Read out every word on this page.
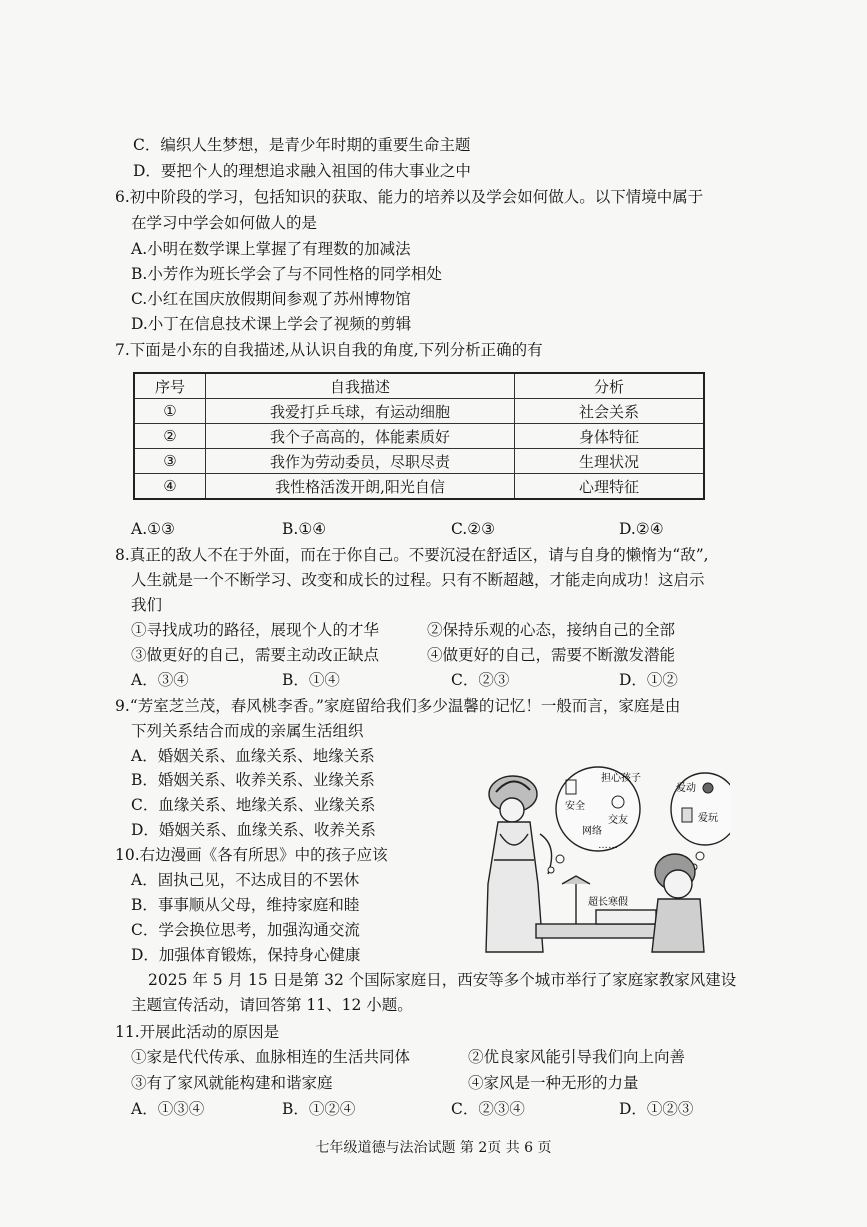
C．编织人生梦想，是青少年时期的重要生命主题
D．要把个人的理想追求融入祖国的伟大事业之中
6.初中阶段的学习，包括知识的获取、能力的培养以及学会如何做人。以下情境中属于
在学习中学会如何做人的是
A.小明在数学课上掌握了有理数的加减法
B.小芳作为班长学会了与不同性格的同学相处
C.小红在国庆放假期间参观了苏州博物馆
D.小丁在信息技术课上学会了视频的剪辑
7.下面是小东的自我描述,从认识自我的角度,下列分析正确的有
序号	自我描述	分析
①	我爱打乒乓球，有运动细胞	社会关系
②	我个子高高的，体能素质好	身体特征
③	我作为劳动委员，尽职尽责	生理状况
④	我性格活泼开朗,阳光自信	心理特征
A.①③	B.①④	C.②③	D.②④
8.真正的敌人不在于外面，而在于你自己。不要沉浸在舒适区，请与自身的懒惰为“敌”,
人生就是一个不断学习、改变和成长的过程。只有不断超越，才能走向成功！这启示
我们
①寻找成功的路径，展现个人的才华	②保持乐观的心态，接纳自己的全部
③做更好的自己，需要主动改正缺点	④做更好的自己，需要不断激发潜能
A．③④	B．①④	C．②③	D．①②
9.“芳室芝兰茂，春风桃李香。”家庭留给我们多少温馨的记忆！一般而言，家庭是由
下列关系结合而成的亲属生活组织
A．婚姻关系、血缘关系、地缘关系
B．婚姻关系、收养关系、业缘关系
C．血缘关系、地缘关系、业缘关系
D．婚姻关系、血缘关系、收养关系
10.右边漫画《各有所思》中的孩子应该
A．固执己见，不达成目的不罢休
B．事事顺从父母，维持家庭和睦
C．学会换位思考，加强沟通交流
D．加强体育锻炼，保持身心健康
担心孩子
安全
交友
网络
……
爱动
爱玩
超长寒假
2025 年 5 月 15 日是第 32 个国际家庭日，西安等多个城市举行了家庭家教家风建设
主题宣传活动，请回答第 11、12 小题。
11.开展此活动的原因是
①家是代代传承、血脉相连的生活共同体	②优良家风能引导我们向上向善
③有了家风就能构建和谐家庭	④家风是一种无形的力量
A．①③④	B．①②④	C．②③④	D．①②③
七年级道德与法治试题 第 2页 共 6 页
